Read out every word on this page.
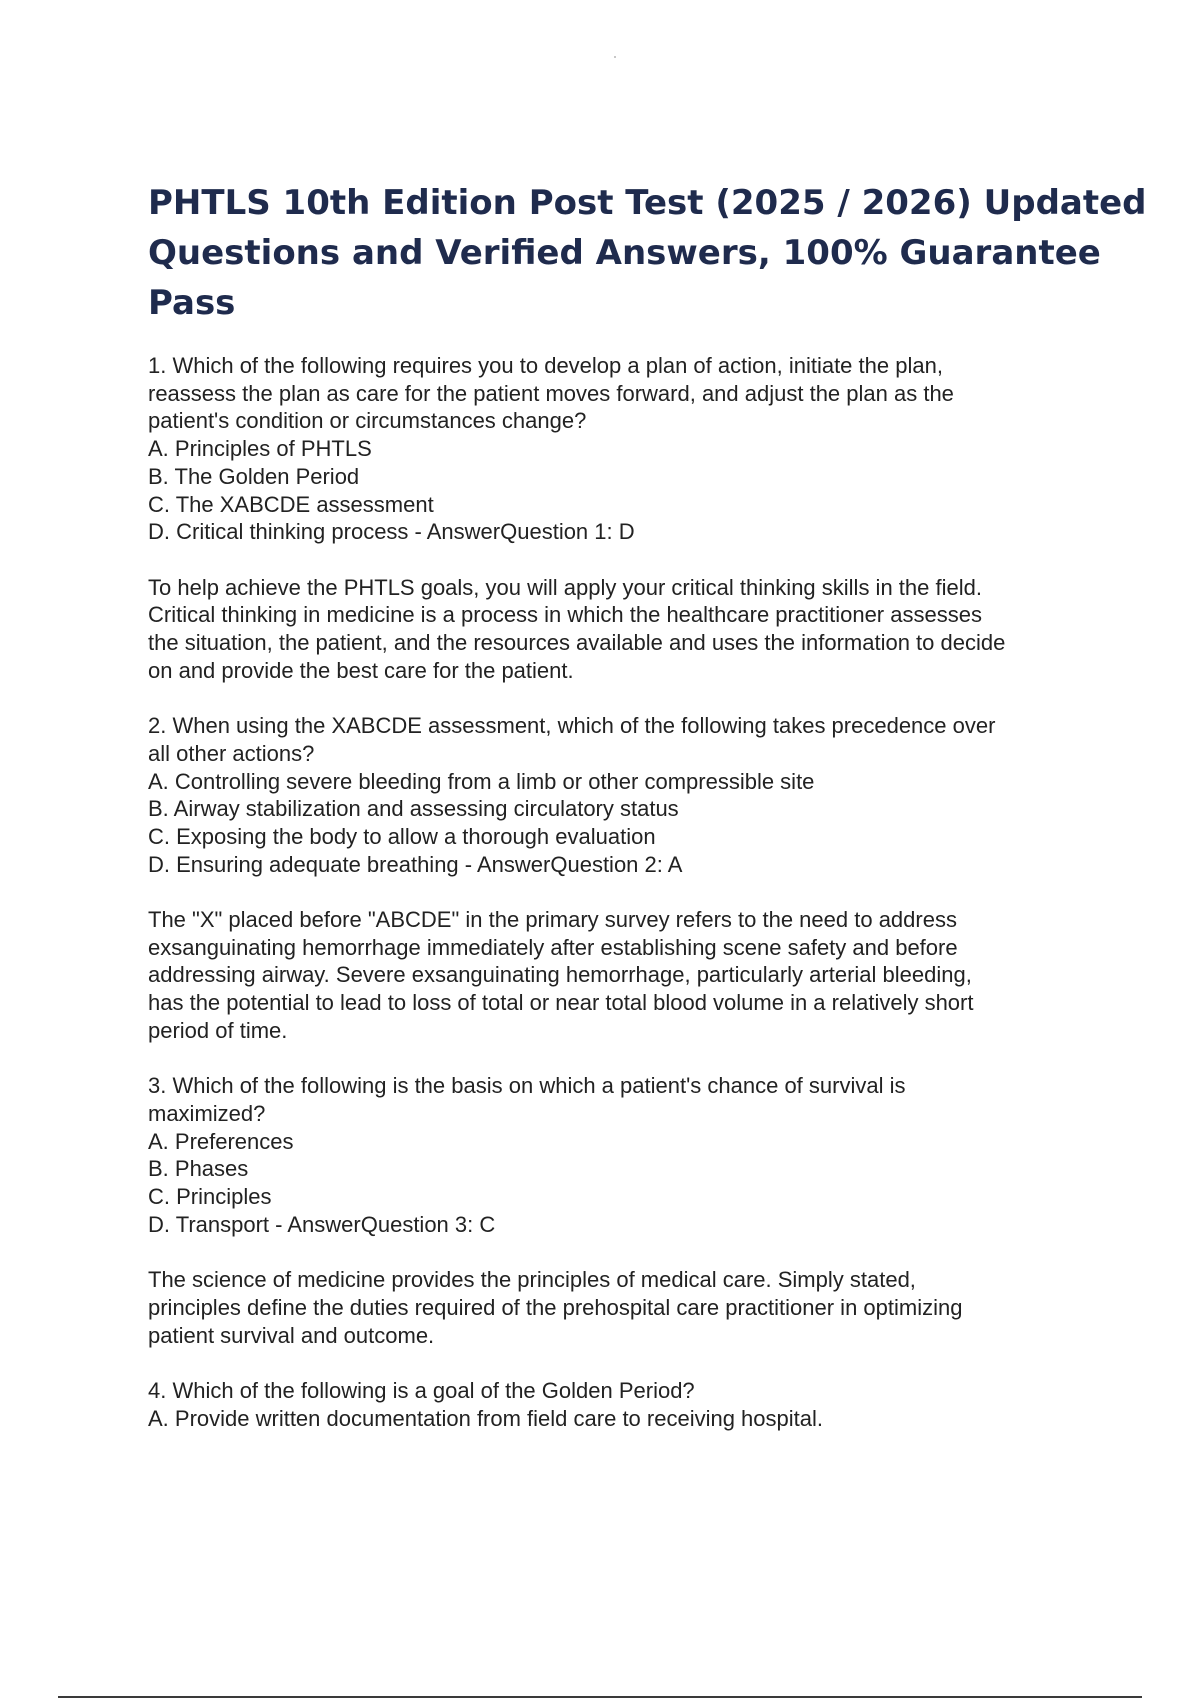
PHTLS 10th Edition Post Test (2025 / 2026) Updated
Questions and Verified Answers, 100% Guarantee
Pass
1. Which of the following requires you to develop a plan of action, initiate the plan,
reassess the plan as care for the patient moves forward, and adjust the plan as the
patient's condition or circumstances change?
A. Principles of PHTLS
B. The Golden Period
C. The XABCDE assessment
D. Critical thinking process - AnswerQuestion 1: D
To help achieve the PHTLS goals, you will apply your critical thinking skills in the field.
Critical thinking in medicine is a process in which the healthcare practitioner assesses
the situation, the patient, and the resources available and uses the information to decide
on and provide the best care for the patient.
2. When using the XABCDE assessment, which of the following takes precedence over
all other actions?
A. Controlling severe bleeding from a limb or other compressible site
B. Airway stabilization and assessing circulatory status
C. Exposing the body to allow a thorough evaluation
D. Ensuring adequate breathing - AnswerQuestion 2: A
The "X" placed before "ABCDE" in the primary survey refers to the need to address
exsanguinating hemorrhage immediately after establishing scene safety and before
addressing airway. Severe exsanguinating hemorrhage, particularly arterial bleeding,
has the potential to lead to loss of total or near total blood volume in a relatively short
period of time.
3. Which of the following is the basis on which a patient's chance of survival is
maximized?
A. Preferences
B. Phases
C. Principles
D. Transport - AnswerQuestion 3: C
The science of medicine provides the principles of medical care. Simply stated,
principles define the duties required of the prehospital care practitioner in optimizing
patient survival and outcome.
4. Which of the following is a goal of the Golden Period?
A. Provide written documentation from field care to receiving hospital.
